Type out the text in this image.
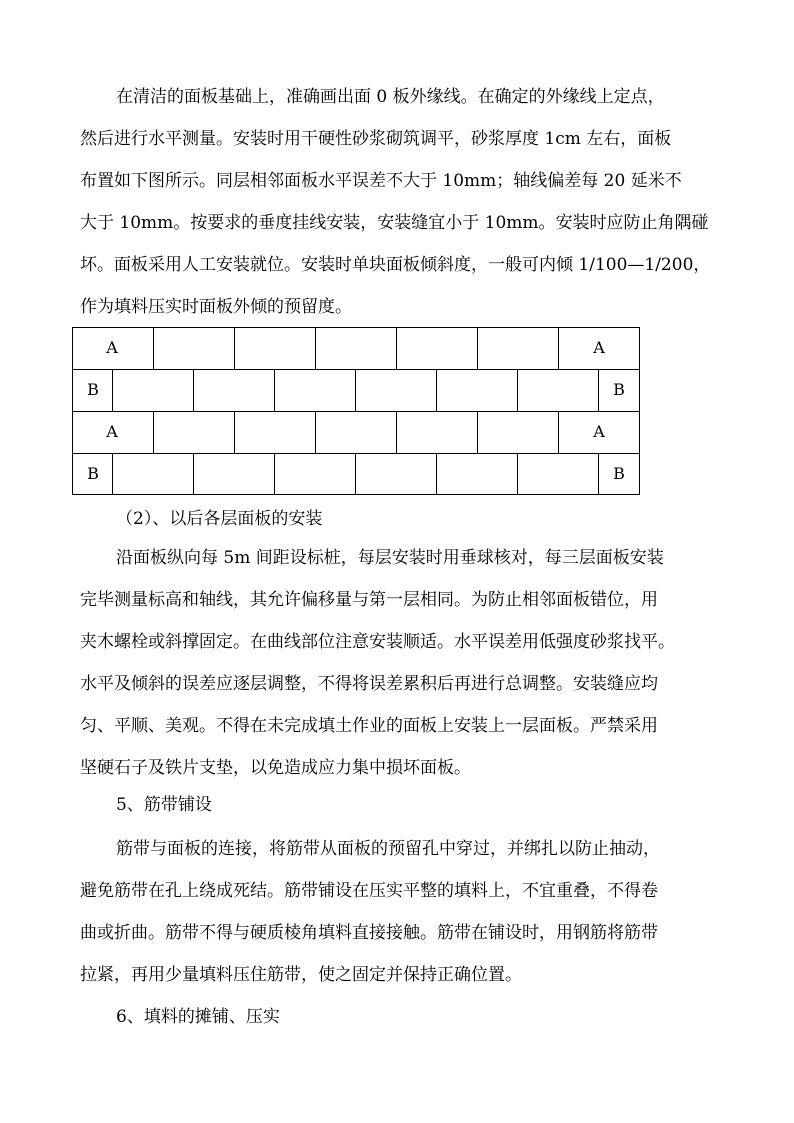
在清洁的面板基础上，准确画出面 0 板外缘线。在确定的外缘线上定点，
然后进行水平测量。安装时用干硬性砂浆砌筑调平，砂浆厚度 1cm 左右，面板
布置如下图所示。同层相邻面板水平误差不大于 10mm；轴线偏差每 20 延米不
大于 10mm。按要求的垂度挂线安装，安装缝宜小于 10mm。安装时应防止角隅碰
坏。面板采用人工安装就位。安装时单块面板倾斜度，一般可内倾 1/100—1/200，
作为填料压实时面板外倾的预留度。
A	A
B	B
A	A
B	B
（2）、以后各层面板的安装
沿面板纵向每 5m 间距设标桩，每层安装时用垂球核对，每三层面板安装
完毕测量标高和轴线，其允许偏移量与第一层相同。为防止相邻面板错位，用
夹木螺栓或斜撑固定。在曲线部位注意安装顺适。水平误差用低强度砂浆找平。
水平及倾斜的误差应逐层调整，不得将误差累积后再进行总调整。安装缝应均
匀、平顺、美观。不得在未完成填土作业的面板上安装上一层面板。严禁采用
坚硬石子及铁片支垫，以免造成应力集中损坏面板。
5、筋带铺设
筋带与面板的连接，将筋带从面板的预留孔中穿过，并绑扎以防止抽动，
避免筋带在孔上绕成死结。筋带铺设在压实平整的填料上，不宜重叠，不得卷
曲或折曲。筋带不得与硬质棱角填料直接接触。筋带在铺设时，用钢筋将筋带
拉紧，再用少量填料压住筋带，使之固定并保持正确位置。
6、填料的摊铺、压实
